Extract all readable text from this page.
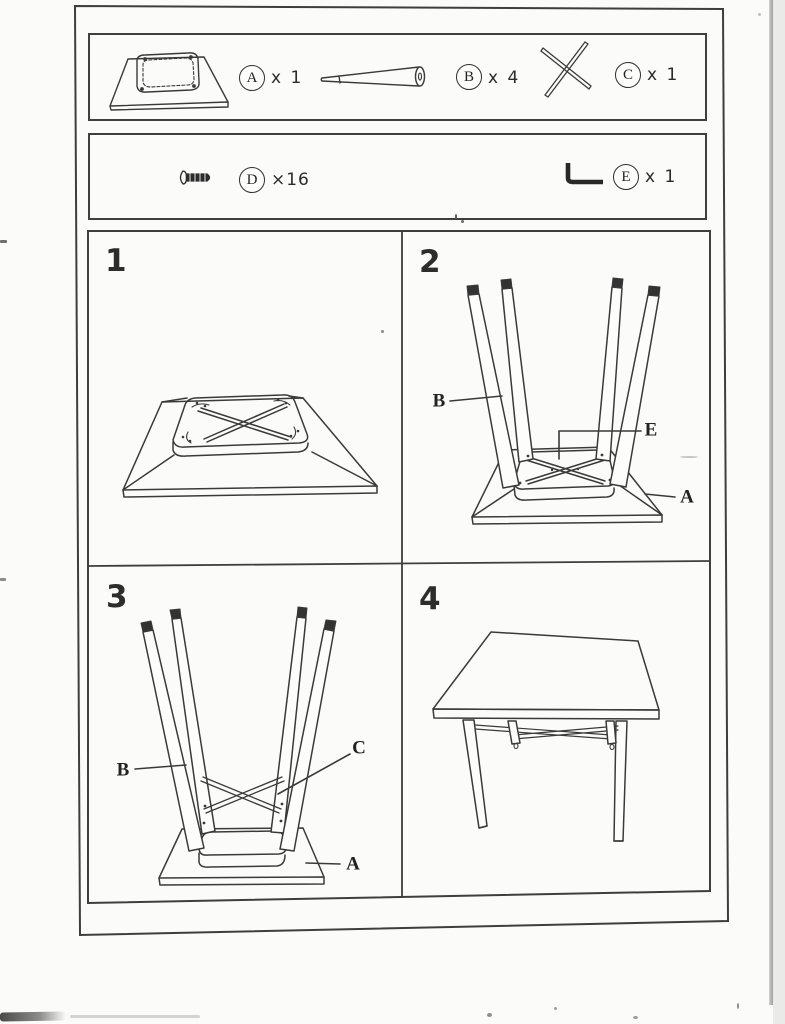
A x 1	B x 4	C x 1
D ×16	E x 1
1	2
3	4
B
E
A
B
C
A
